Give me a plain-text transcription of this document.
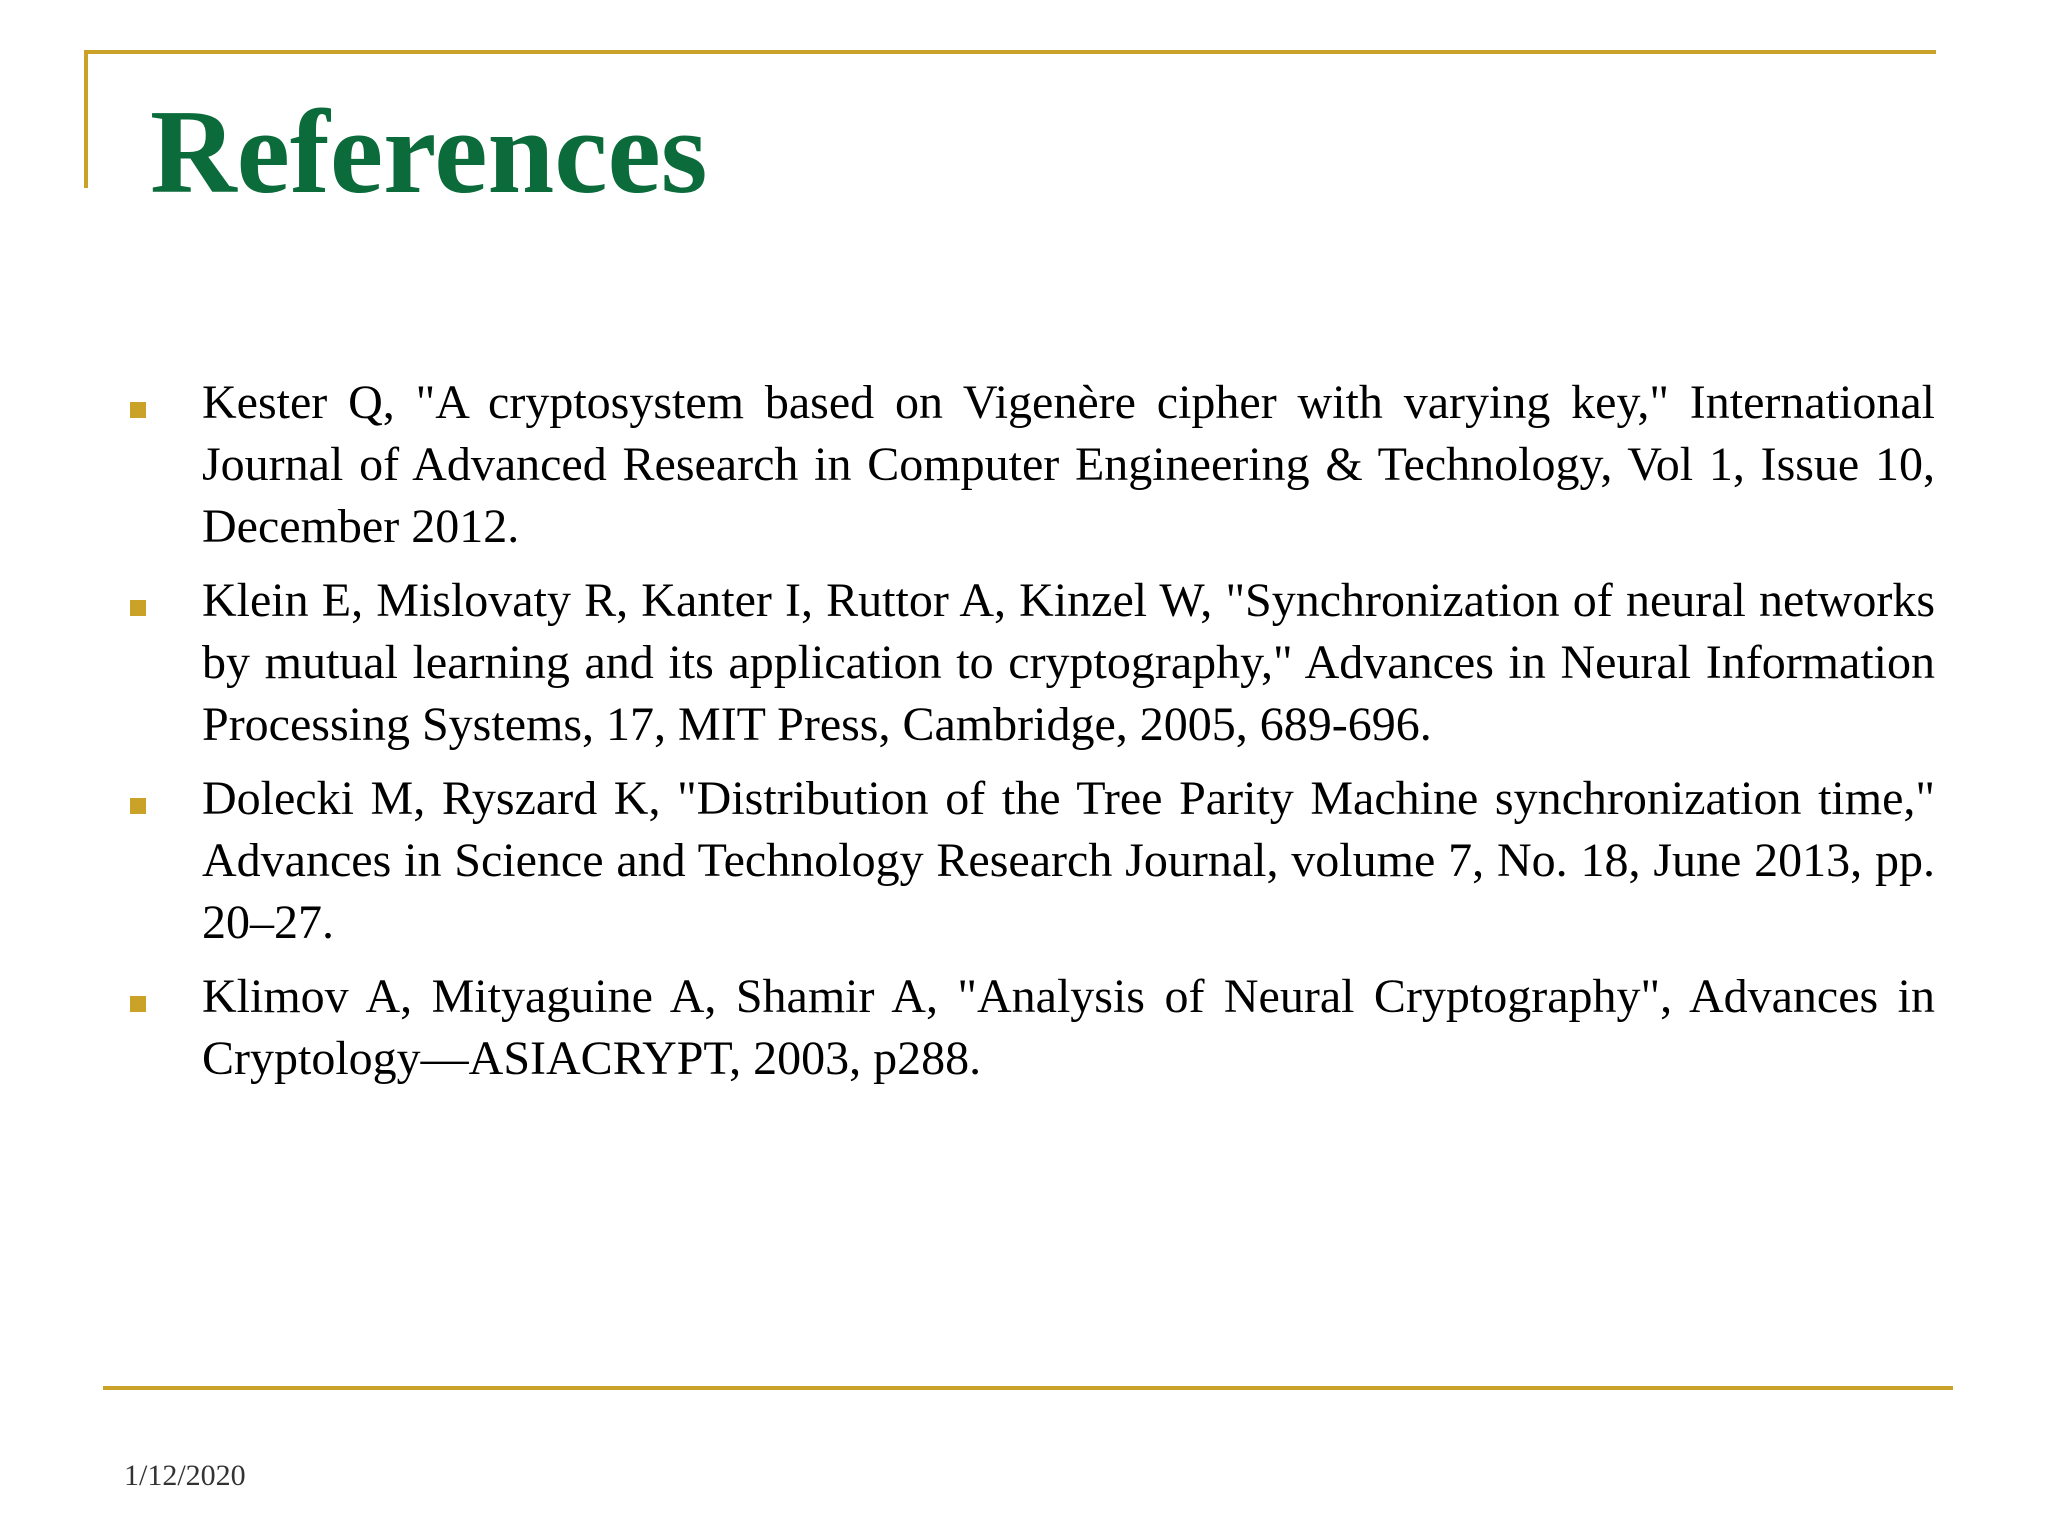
References
Kester Q, "A cryptosystem based on Vigenère cipher with varying key," International Journal of Advanced Research in Computer Engineering & Technology, Vol 1, Issue 10, December 2012.
Klein E, Mislovaty R, Kanter I, Ruttor A, Kinzel W, "Synchronization of neural networks by mutual learning and its application to cryptography," Advances in Neural Information Processing Systems, 17, MIT Press, Cambridge, 2005, 689-696.
Dolecki M, Ryszard K, "Distribution of the Tree Parity Machine synchronization time," Advances in Science and Technology Research Journal, volume 7, No. 18, June 2013, pp. 20–27.
Klimov A, Mityaguine A, Shamir A, "Analysis of Neural Cryptography", Advances in Cryptology—ASIACRYPT, 2003, p288.
1/12/2020
